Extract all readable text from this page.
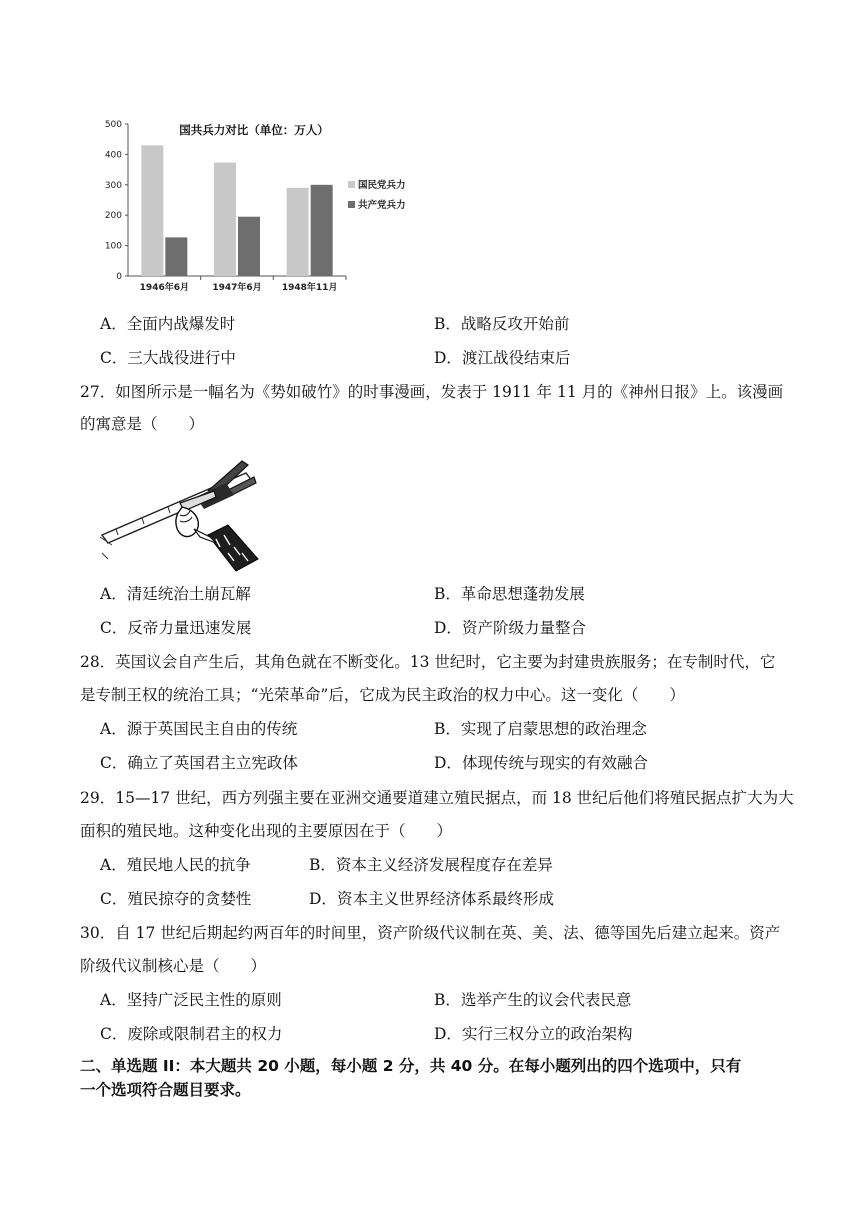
国共兵力对比（单位：万人）
0
100
200
300
400
500
1946年6月	1947年6月 1948年11月
国民党兵力
共产党兵力
A．全面内战爆发时	B．战略反攻开始前
C．三大战役进行中	D．渡江战役结束后
27．如图所示是一幅名为《势如破竹》的时事漫画，发表于 1911 年 11 月的《神州日报》上。该漫画
的寓意是（　　）
A．清廷统治土崩瓦解	B．革命思想蓬勃发展
C．反帝力量迅速发展	D．资产阶级力量整合
28．英国议会自产生后，其角色就在不断变化。13 世纪时，它主要为封建贵族服务；在专制时代，它
是专制王权的统治工具；“光荣革命”后，它成为民主政治的权力中心。这一变化（　　）
A．源于英国民主自由的传统	B．实现了启蒙思想的政治理念
C．确立了英国君主立宪政体	D．体现传统与现实的有效融合
29．15—17 世纪，西方列强主要在亚洲交通要道建立殖民据点，而 18 世纪后他们将殖民据点扩大为大
面积的殖民地。这种变化出现的主要原因在于（　　）
A．殖民地人民的抗争	B．资本主义经济发展程度存在差异
C．殖民掠夺的贪婪性	D．资本主义世界经济体系最终形成
30．自 17 世纪后期起约两百年的时间里，资产阶级代议制在英、美、法、德等国先后建立起来。资产
阶级代议制核心是（　　）
A．坚持广泛民主性的原则	B．选举产生的议会代表民意
C．废除或限制君主的权力	D．实行三权分立的政治架构
二、单选题 II：本大题共 20 小题，每小题 2 分，共 40 分。在每小题列出的四个选项中，只有
一个选项符合题目要求。
